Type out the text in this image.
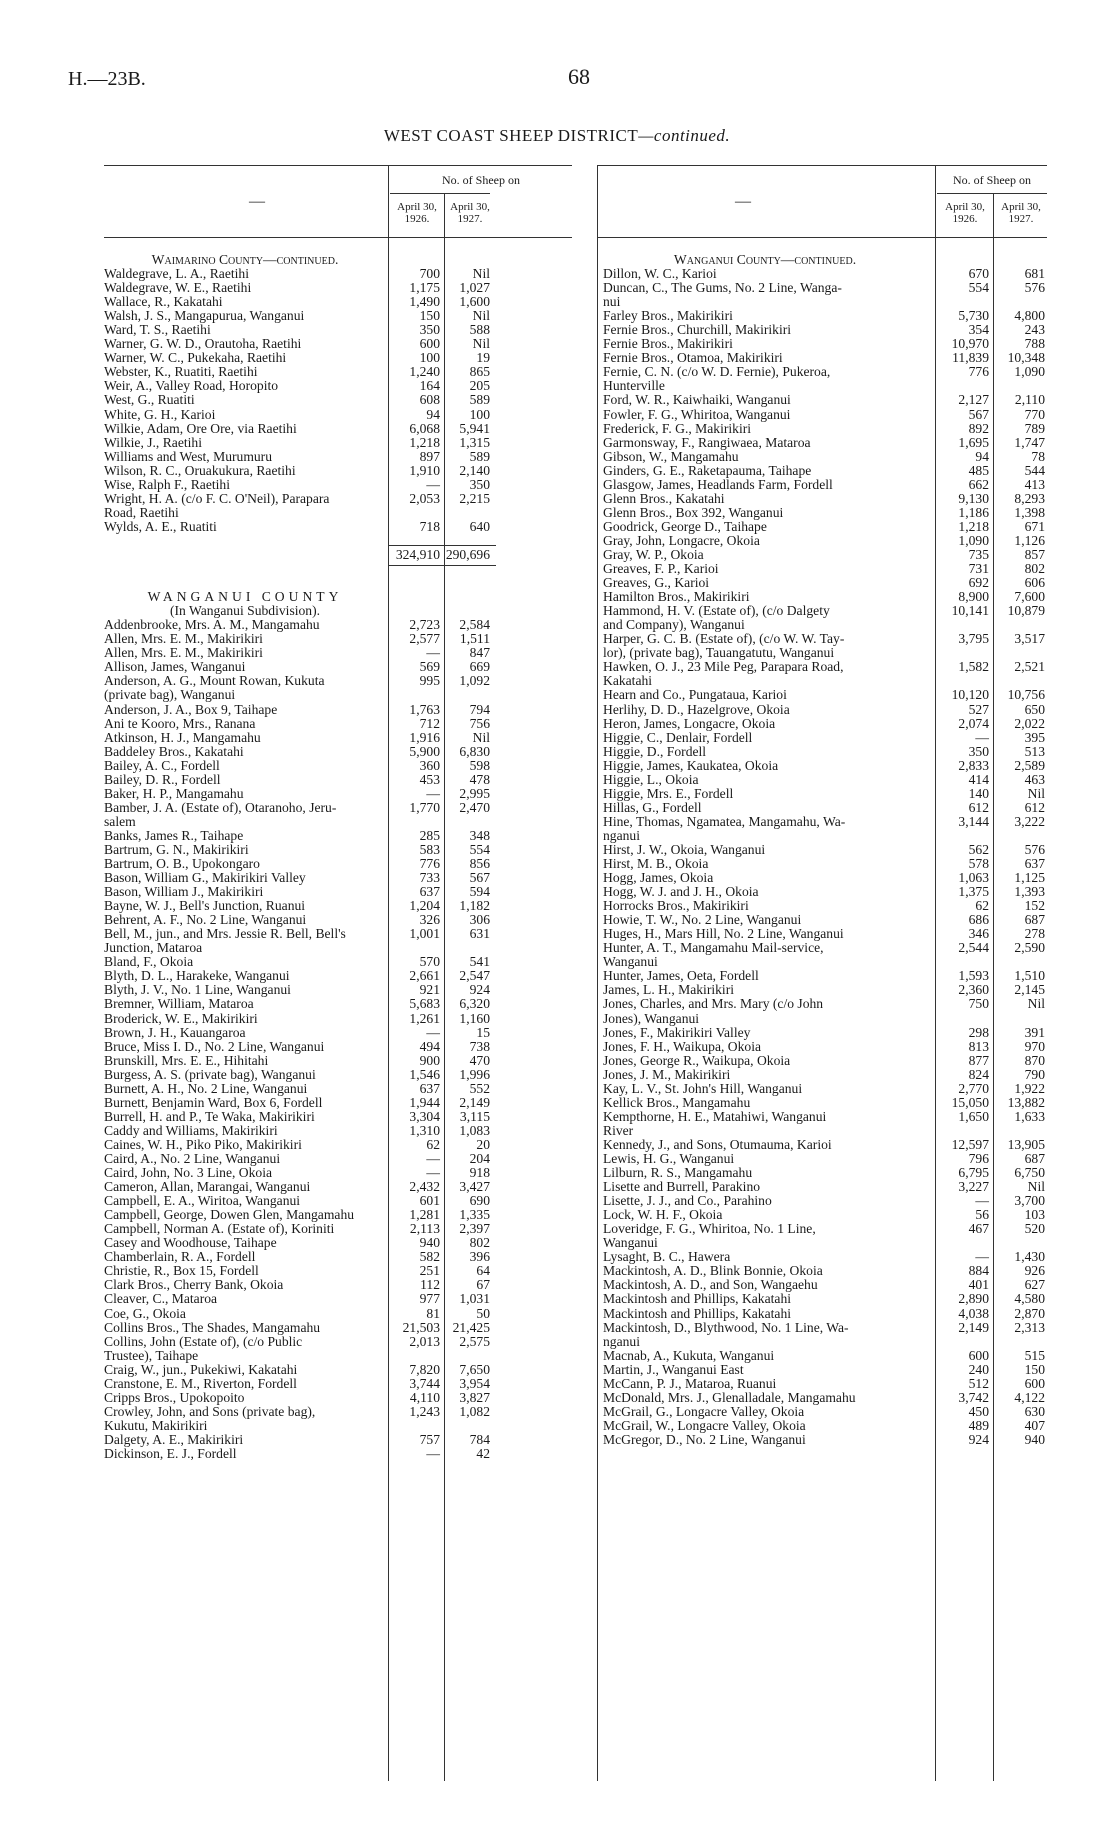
H.—23B.	68
WEST COAST SHEEP DISTRICT—continued.
—
No. of Sheep on
April 30, 1926.
April 30, 1927.
Waimarino County—continued.
Waldegrave, L. A., Raetihi	700	Nil
Waldegrave, W. E., Raetihi	1,175	1,027
Wallace, R., Kakatahi	1,490	1,600
Walsh, J. S., Mangapurua, Wanganui	150	Nil
Ward, T. S., Raetihi	350	588
Warner, G. W. D., Orautoha, Raetihi	600	Nil
Warner, W. C., Pukekaha, Raetihi	100	19
Webster, K., Ruatiti, Raetihi	1,240	865
Weir, A., Valley Road, Horopito	164	205
West, G., Ruatiti	608	589
White, G. H., Karioi	94	100
Wilkie, Adam, Ore Ore, via Raetihi	6,068	5,941
Wilkie, J., Raetihi	1,218	1,315
Williams and West, Murumuru	897	589
Wilson, R. C., Oruakukura, Raetihi	1,910	2,140
Wise, Ralph F., Raetihi	—	350
Wright, H. A. (c/o F. C. O'Neil), Parapara	2,053	2,215
Road, Raetihi
Wylds, A. E., Ruatiti	718	640
324,910 290,696
WANGANUI COUNTY
(In Wanganui Subdivision).
Addenbrooke, Mrs. A. M., Mangamahu	2,723	2,584
Allen, Mrs. E. M., Makirikiri	2,577	1,511
Allen, Mrs. E. M., Makirikiri	—	847
Allison, James, Wanganui	569	669
Anderson, A. G., Mount Rowan, Kukuta	995	1,092
(private bag), Wanganui
Anderson, J. A., Box 9, Taihape	1,763	794
Ani te Kooro, Mrs., Ranana	712	756
Atkinson, H. J., Mangamahu	1,916	Nil
Baddeley Bros., Kakatahi	5,900	6,830
Bailey, A. C., Fordell	360	598
Bailey, D. R., Fordell	453	478
Baker, H. P., Mangamahu	—	2,995
Bamber, J. A. (Estate of), Otaranoho, Jeru-	1,770	2,470
salem
Banks, James R., Taihape	285	348
Bartrum, G. N., Makirikiri	583	554
Bartrum, O. B., Upokongaro	776	856
Bason, William G., Makirikiri Valley	733	567
Bason, William J., Makirikiri	637	594
Bayne, W. J., Bell's Junction, Ruanui	1,204	1,182
Behrent, A. F., No. 2 Line, Wanganui	326	306
Bell, M., jun., and Mrs. Jessie R. Bell, Bell's	1,001	631
Junction, Mataroa
Bland, F., Okoia	570	541
Blyth, D. L., Harakeke, Wanganui	2,661	2,547
Blyth, J. V., No. 1 Line, Wanganui	921	924
Bremner, William, Mataroa	5,683	6,320
Broderick, W. E., Makirikiri	1,261	1,160
Brown, J. H., Kauangaroa	—	15
Bruce, Miss I. D., No. 2 Line, Wanganui	494	738
Brunskill, Mrs. E. E., Hihitahi	900	470
Burgess, A. S. (private bag), Wanganui	1,546	1,996
Burnett, A. H., No. 2 Line, Wanganui	637	552
Burnett, Benjamin Ward, Box 6, Fordell	1,944	2,149
Burrell, H. and P., Te Waka, Makirikiri	3,304	3,115
Caddy and Williams, Makirikiri	1,310	1,083
Caines, W. H., Piko Piko, Makirikiri	62	20
Caird, A., No. 2 Line, Wanganui	—	204
Caird, John, No. 3 Line, Okoia	—	918
Cameron, Allan, Marangai, Wanganui	2,432	3,427
Campbell, E. A., Wiritoa, Wanganui	601	690
Campbell, George, Dowen Glen, Mangamahu	1,281	1,335
Campbell, Norman A. (Estate of), Koriniti	2,113	2,397
Casey and Woodhouse, Taihape	940	802
Chamberlain, R. A., Fordell	582	396
Christie, R., Box 15, Fordell	251	64
Clark Bros., Cherry Bank, Okoia	112	67
Cleaver, C., Mataroa	977	1,031
Coe, G., Okoia	81	50
Collins Bros., The Shades, Mangamahu	21,503 21,425
Collins, John (Estate of), (c/o Public	2,013	2,575
Trustee), Taihape
Craig, W., jun., Pukekiwi, Kakatahi	7,820	7,650
Cranstone, E. M., Riverton, Fordell	3,744	3,954
Cripps Bros., Upokopoito	4,110	3,827
Crowley, John, and Sons (private bag),	1,243	1,082
Kukutu, Makirikiri
Dalgety, A. E., Makirikiri	757	784
Dickinson, E. J., Fordell	—	42
—
No. of Sheep on
April 30, 1926.
April 30, 1927.
Wanganui County—continued.
Dillon, W. C., Karioi	670	681
Duncan, C., The Gums, No. 2 Line, Wanga-	554	576
nui
Farley Bros., Makirikiri	5,730	4,800
Fernie Bros., Churchill, Makirikiri	354	243
Fernie Bros., Makirikiri	10,970	788
Fernie Bros., Otamoa, Makirikiri	11,839	10,348
Fernie, C. N. (c/o W. D. Fernie), Pukeroa,	776	1,090
Hunterville
Ford, W. R., Kaiwhaiki, Wanganui	2,127	2,110
Fowler, F. G., Whiritoa, Wanganui	567	770
Frederick, F. G., Makirikiri	892	789
Garmonsway, F., Rangiwaea, Mataroa	1,695	1,747
Gibson, W., Mangamahu	94	78
Ginders, G. E., Raketapauma, Taihape	485	544
Glasgow, James, Headlands Farm, Fordell	662	413
Glenn Bros., Kakatahi	9,130	8,293
Glenn Bros., Box 392, Wanganui	1,186	1,398
Goodrick, George D., Taihape	1,218	671
Gray, John, Longacre, Okoia	1,090	1,126
Gray, W. P., Okoia	735	857
Greaves, F. P., Karioi	731	802
Greaves, G., Karioi	692	606
Hamilton Bros., Makirikiri	8,900	7,600
Hammond, H. V. (Estate of), (c/o Dalgety	10,141	10,879
and Company), Wanganui
Harper, G. C. B. (Estate of), (c/o W. W. Tay-	3,795	3,517
lor), (private bag), Tauangatutu, Wanganui
Hawken, O. J., 23 Mile Peg, Parapara Road,	1,582	2,521
Kakatahi
Hearn and Co., Pungataua, Karioi	10,120	10,756
Herlihy, D. D., Hazelgrove, Okoia	527	650
Heron, James, Longacre, Okoia	2,074	2,022
Higgie, C., Denlair, Fordell	—	395
Higgie, D., Fordell	350	513
Higgie, James, Kaukatea, Okoia	2,833	2,589
Higgie, L., Okoia	414	463
Higgie, Mrs. E., Fordell	140	Nil
Hillas, G., Fordell	612	612
Hine, Thomas, Ngamatea, Mangamahu, Wa-	3,144	3,222
nganui
Hirst, J. W., Okoia, Wanganui	562	576
Hirst, M. B., Okoia	578	637
Hogg, James, Okoia	1,063	1,125
Hogg, W. J. and J. H., Okoia	1,375	1,393
Horrocks Bros., Makirikiri	62	152
Howie, T. W., No. 2 Line, Wanganui	686	687
Huges, H., Mars Hill, No. 2 Line, Wanganui	346	278
Hunter, A. T., Mangamahu Mail-service,	2,544	2,590
Wanganui
Hunter, James, Oeta, Fordell	1,593	1,510
James, L. H., Makirikiri	2,360	2,145
Jones, Charles, and Mrs. Mary (c/o John	750	Nil
Jones), Wanganui
Jones, F., Makirikiri Valley	298	391
Jones, F. H., Waikupa, Okoia	813	970
Jones, George R., Waikupa, Okoia	877	870
Jones, J. M., Makirikiri	824	790
Kay, L. V., St. John's Hill, Wanganui	2,770	1,922
Kellick Bros., Mangamahu	15,050	13,882
Kempthorne, H. E., Matahiwi, Wanganui	1,650	1,633
River
Kennedy, J., and Sons, Otumauma, Karioi	12,597	13,905
Lewis, H. G., Wanganui	796	687
Lilburn, R. S., Mangamahu	6,795	6,750
Lisette and Burrell, Parakino	3,227	Nil
Lisette, J. J., and Co., Parahino	—	3,700
Lock, W. H. F., Okoia	56	103
Loveridge, F. G., Whiritoa, No. 1 Line,	467	520
Wanganui
Lysaght, B. C., Hawera	—	1,430
Mackintosh, A. D., Blink Bonnie, Okoia	884	926
Mackintosh, A. D., and Son, Wangaehu	401	627
Mackintosh and Phillips, Kakatahi	2,890	4,580
Mackintosh and Phillips, Kakatahi	4,038	2,870
Mackintosh, D., Blythwood, No. 1 Line, Wa-	2,149	2,313
nganui
Macnab, A., Kukuta, Wanganui	600	515
Martin, J., Wanganui East	240	150
McCann, P. J., Mataroa, Ruanui	512	600
McDonald, Mrs. J., Glenalladale, Mangamahu	3,742	4,122
McGrail, G., Longacre Valley, Okoia	450	630
McGrail, W., Longacre Valley, Okoia	489	407
McGregor, D., No. 2 Line, Wanganui	924	940
